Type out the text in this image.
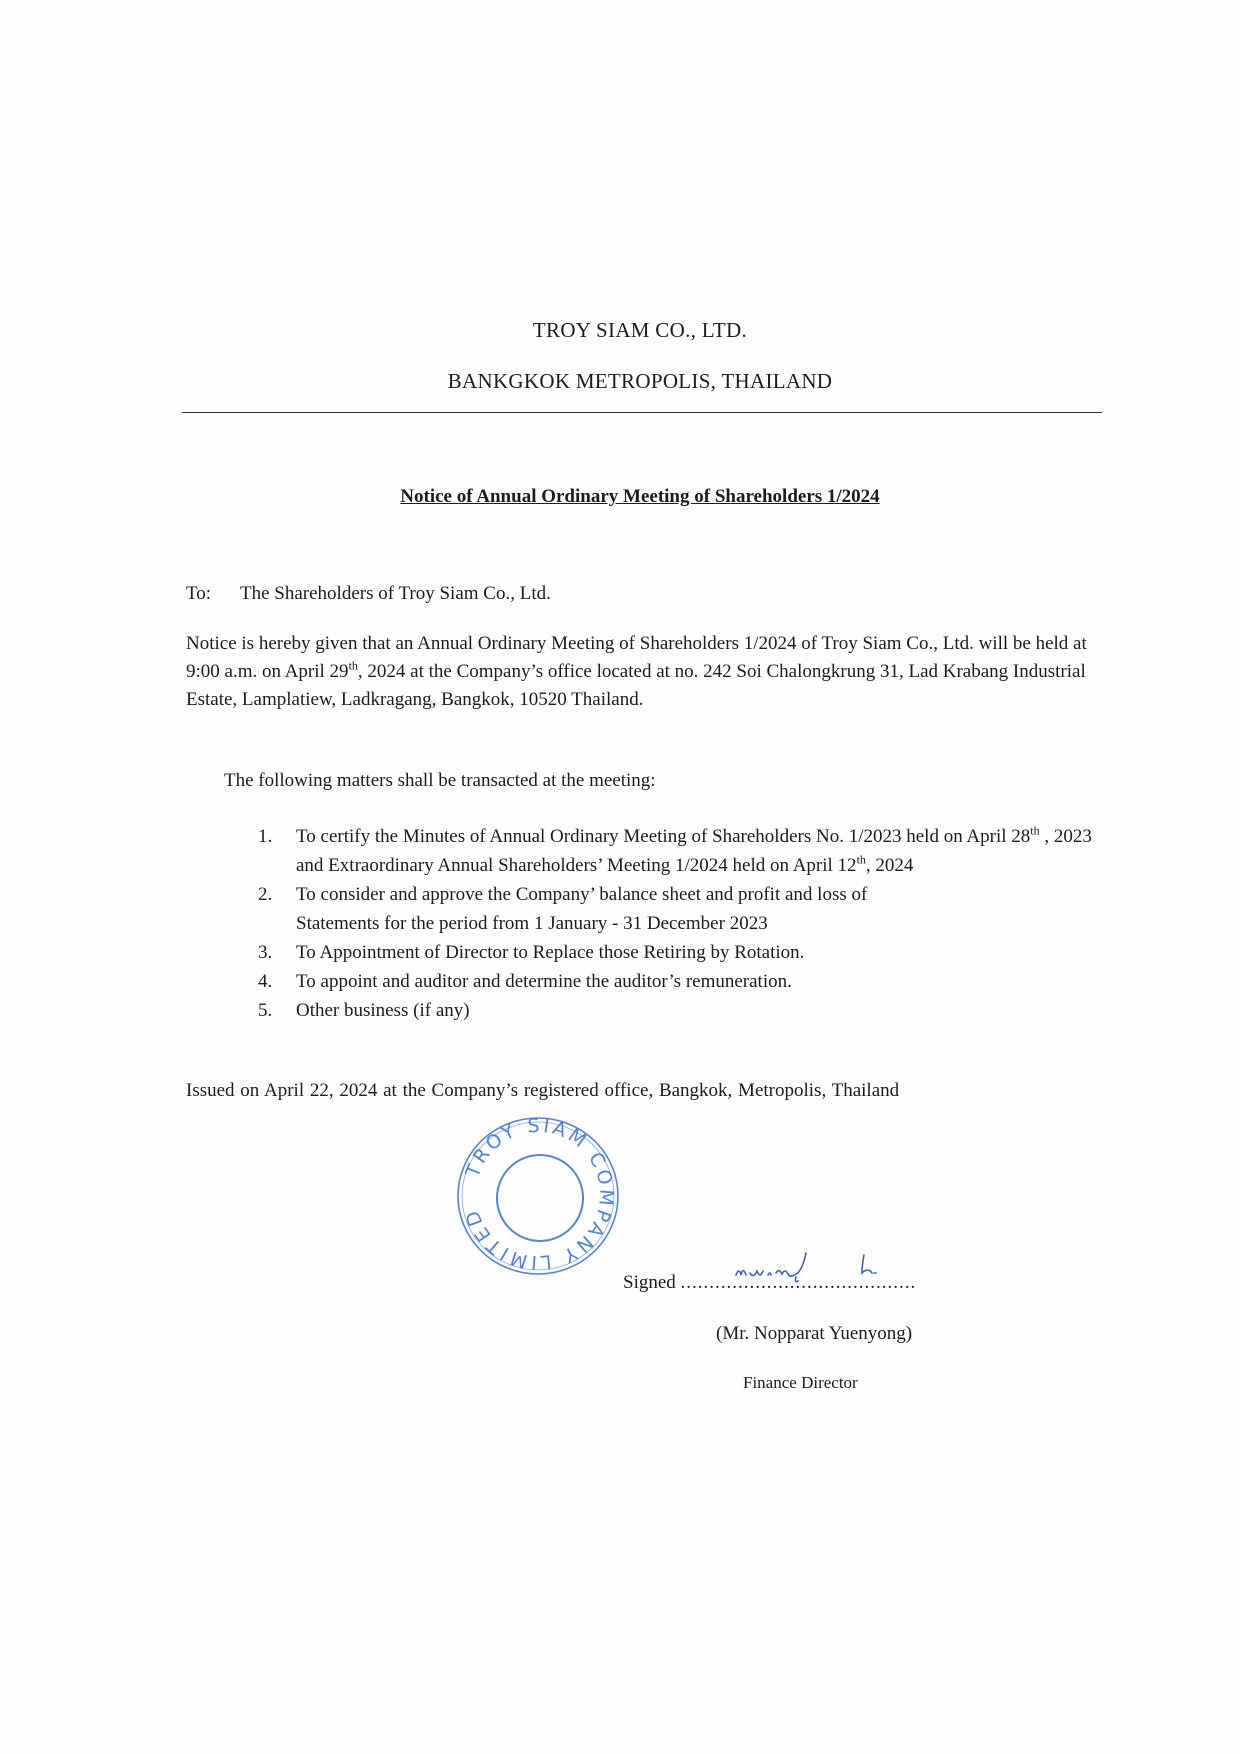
TROY SIAM CO., LTD.
BANKGKOK METROPOLIS, THAILAND
Notice of Annual Ordinary Meeting of Shareholders 1/2024
To: The Shareholders of Troy Siam Co., Ltd.
Notice is hereby given that an Annual Ordinary Meeting of Shareholders 1/2024 of Troy Siam Co., Ltd. will be held at 9:00 a.m. on April 29th, 2024 at the Company’s office located at no. 242 Soi Chalongkrung 31, Lad Krabang Industrial Estate, Lamplatiew, Ladkragang, Bangkok, 10520 Thailand.
The following matters shall be transacted at the meeting:
1. To certify the Minutes of Annual Ordinary Meeting of Shareholders No. 1/2023 held on April 28th , 2023 and Extraordinary Annual Shareholders’ Meeting 1/2024 held on April 12th, 2024
2. To consider and approve the Company’ balance sheet and profit and loss of
Statements for the period from 1 January - 31 December 2023
3. To Appointment of Director to Replace those Retiring by Rotation.
4. To appoint and auditor and determine the auditor’s remuneration.
5. Other business (if any)
Issued on April 22, 2024 at the Company’s registered office, Bangkok, Metropolis, Thailand
TROY SIAM COMPANY LIMITED
Signed .........................................
(Mr. Nopparat Yuenyong)
Finance Director
